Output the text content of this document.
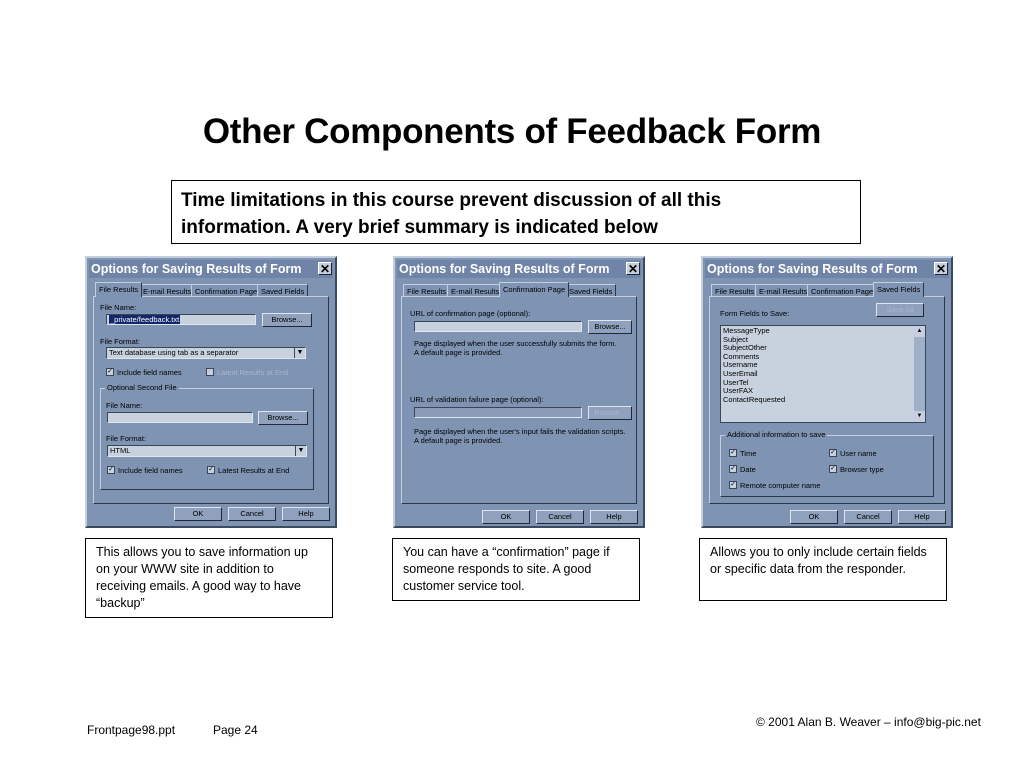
Other Components of Feedback Form
Time limitations in this course prevent discussion of all this
information. A very brief summary is indicated below
Options for Saving Results of Form ✕
File Results E-mail Results Confirmation Page Saved Fields
File Name:
_private/feedback.txt	Browse...
File Format:
Text database using tab as a separator	▼
✓ Include field names	✓ Latest Results at End
Optional Second File
File Name:
Browse...
File Format:
HTML	▼
✓ Include field names	✓ Latest Results at End
OK	Cancel	Help
Options for Saving Results of Form ✕
File Results E-mail Results Confirmation Page Saved Fields
URL of confirmation page (optional):
Browse...
Page displayed when the user successfully submits the form.
A default page is provided.
URL of validation failure page (optional):
Browse...
Page displayed when the user's input fails the validation scripts.
A default page is provided.
OK	Cancel	Help
Options for Saving Results of Form ✕
File Results E-mail Results Confirmation Page Saved Fields
Save All
Form Fields to Save:
MessageType
Subject
SubjectOther
Comments
Username
UserEmail
UserTel
UserFAX
ContactRequested
▲
▼
Additional information to save
✓ Time	✓ User name
✓ Date	✓ Browser type
✓ Remote computer name
OK	Cancel	Help
This allows you to save information up on your WWW site in addition to receiving emails. A good way to have “backup”
You can have a “confirmation” page if someone responds to site. A good customer service tool.
Allows you to only include certain fields or specific data from the responder.
Frontpage98.ppt	Page 24
© 2001 Alan B. Weaver – info@big-pic.net
